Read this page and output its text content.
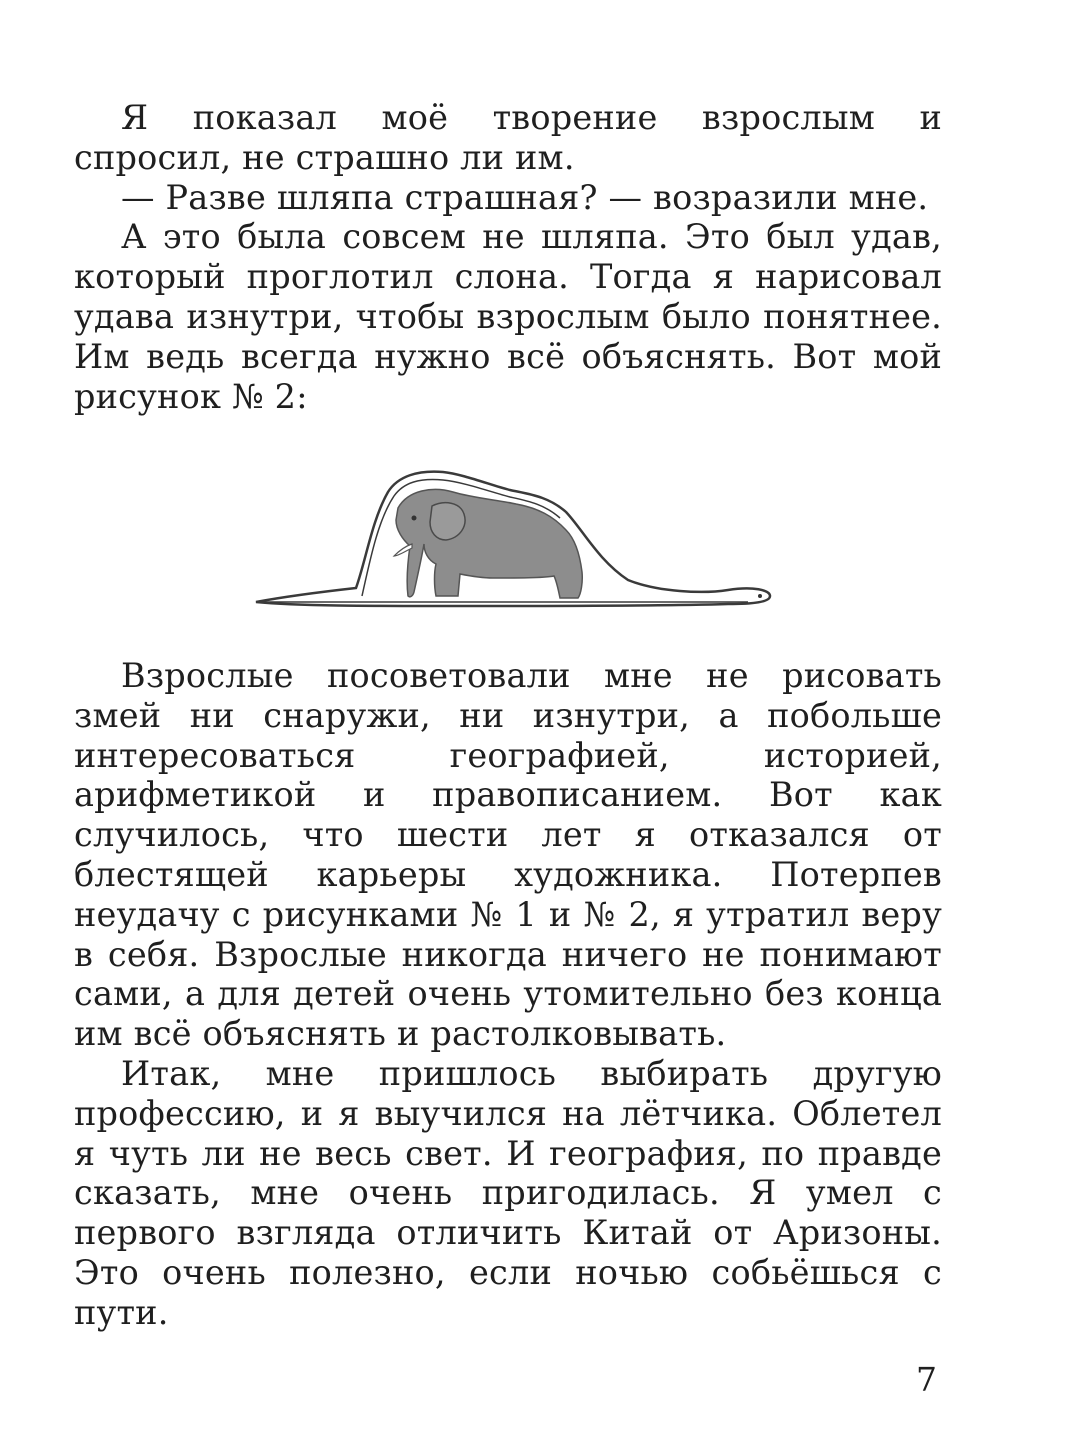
Я показал моё творение взрослым и спросил, не страшно ли им.

— Разве шляпа страшная? — возразили мне.

А это была совсем не шляпа. Это был удав, который проглотил слона. Тогда я нарисовал удава изнутри, чтобы взрослым было понятнее. Им ведь всегда нужно всё объяснять. Вот мой рисунок № 2:

Взрослые посоветовали мне не рисовать змей ни снаружи, ни изнутри, а побольше интересоваться географией, историей, арифметикой и правописанием. Вот как случилось, что шести лет я отказался от блестящей карьеры художника. Потерпев неудачу с рисунками № 1 и № 2, я утратил веру в себя. Взрослые никогда ничего не понимают сами, а для детей очень утомительно без конца им всё объяснять и растолковывать.

Итак, мне пришлось выбирать другую профессию, и я выучился на лётчика. Облетел я чуть ли не весь свет. И география, по правде сказать, мне очень пригодилась. Я умел с первого взгляда отличить Китай от Аризоны. Это очень полезно, если ночью собьёшься с пути.

7
